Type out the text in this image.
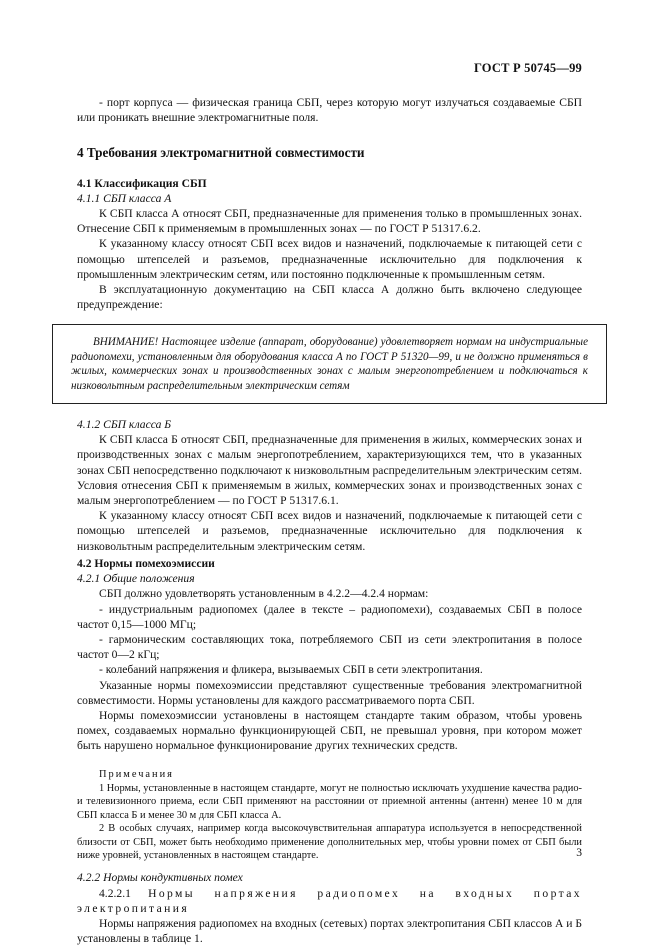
ГОСТ Р 50745—99

- порт корпуса — физическая граница СБП, через которую могут излучаться создаваемые СБП или проникать внешние электромагнитные поля.

4 Требования электромагнитной совместимости

4.1 Классификация СБП

4.1.1 СБП класса А

К СБП класса А относят СБП, предназначенные для применения только в промышленных зонах. Отнесение СБП к применяемым в промышленных зонах — по ГОСТ Р 51317.6.2.

К указанному классу относят СБП всех видов и назначений, подключаемые к питающей сети с помощью штепселей и разъемов, предназначенные исключительно для подключения к промышленным электрическим сетям, или постоянно подключенные к промышленным сетям.

В эксплуатационную документацию на СБП класса А должно быть включено следующее предупреждение:

ВНИМАНИЕ! Настоящее изделие (аппарат, оборудование) удовлетворяет нормам на индустриальные радиопомехи, установленным для оборудования класса А по ГОСТ Р 51320—99, и не должно применяться в жилых, коммерческих зонах и производственных зонах с малым энергопотреблением и подключаться к низковольтным распределительным электрическим сетям

4.1.2 СБП класса Б

К СБП класса Б относят СБП, предназначенные для применения в жилых, коммерческих зонах и производственных зонах с малым энергопотреблением, характеризующихся тем, что в указанных зонах СБП непосредственно подключают к низковольтным распределительным электрическим сетям. Условия отнесения СБП к применяемым в жилых, коммерческих зонах и производственных зонах с малым энергопотреблением — по ГОСТ Р 51317.6.1.

К указанному классу относят СБП всех видов и назначений, подключаемые к питающей сети с помощью штепселей и разъемов, предназначенные исключительно для подключения к низковольтным распределительным электрическим сетям.

4.2 Нормы помехоэмиссии

4.2.1 Общие положения

СБП должно удовлетворять установленным в 4.2.2—4.2.4 нормам:

- индустриальным радиопомех (далее в тексте – радиопомехи), создаваемых СБП в полосе частот 0,15—1000 МГц;

- гармоническим составляющих тока, потребляемого СБП из сети электропитания в полосе частот 0—2 кГц;

- колебаний напряжения и фликера, вызываемых СБП в сети электропитания.

Указанные нормы помехоэмиссии представляют существенные требования электромагнитной совместимости. Нормы установлены для каждого рассматриваемого порта СБП.

Нормы помехоэмиссии установлены в настоящем стандарте таким образом, чтобы уровень помех, создаваемых нормально функционирующей СБП, не превышал уровня, при котором может быть нарушено нормальное функционирование других технических средств.

Примечания

1 Нормы, установленные в настоящем стандарте, могут не полностью исключать ухудшение качества радио- и телевизионного приема, если СБП применяют на расстоянии от приемной антенны (антенн) менее 10 м для СБП класса Б и менее 30 м для СБП класса А.

2 В особых случаях, например когда высокочувствительная аппаратура используется в непосредственной близости от СБП, может быть необходимо применение дополнительных мер, чтобы уровни помех от СБП были ниже уровней, установленных в настоящем стандарте.

4.2.2 Нормы кондуктивных помех

4.2.2.1 Нормы напряжения радиопомех на входных портах электропитания

Нормы напряжения радиопомех на входных (сетевых) портах электропитания СБП классов А и Б установлены в таблице 1.

3
